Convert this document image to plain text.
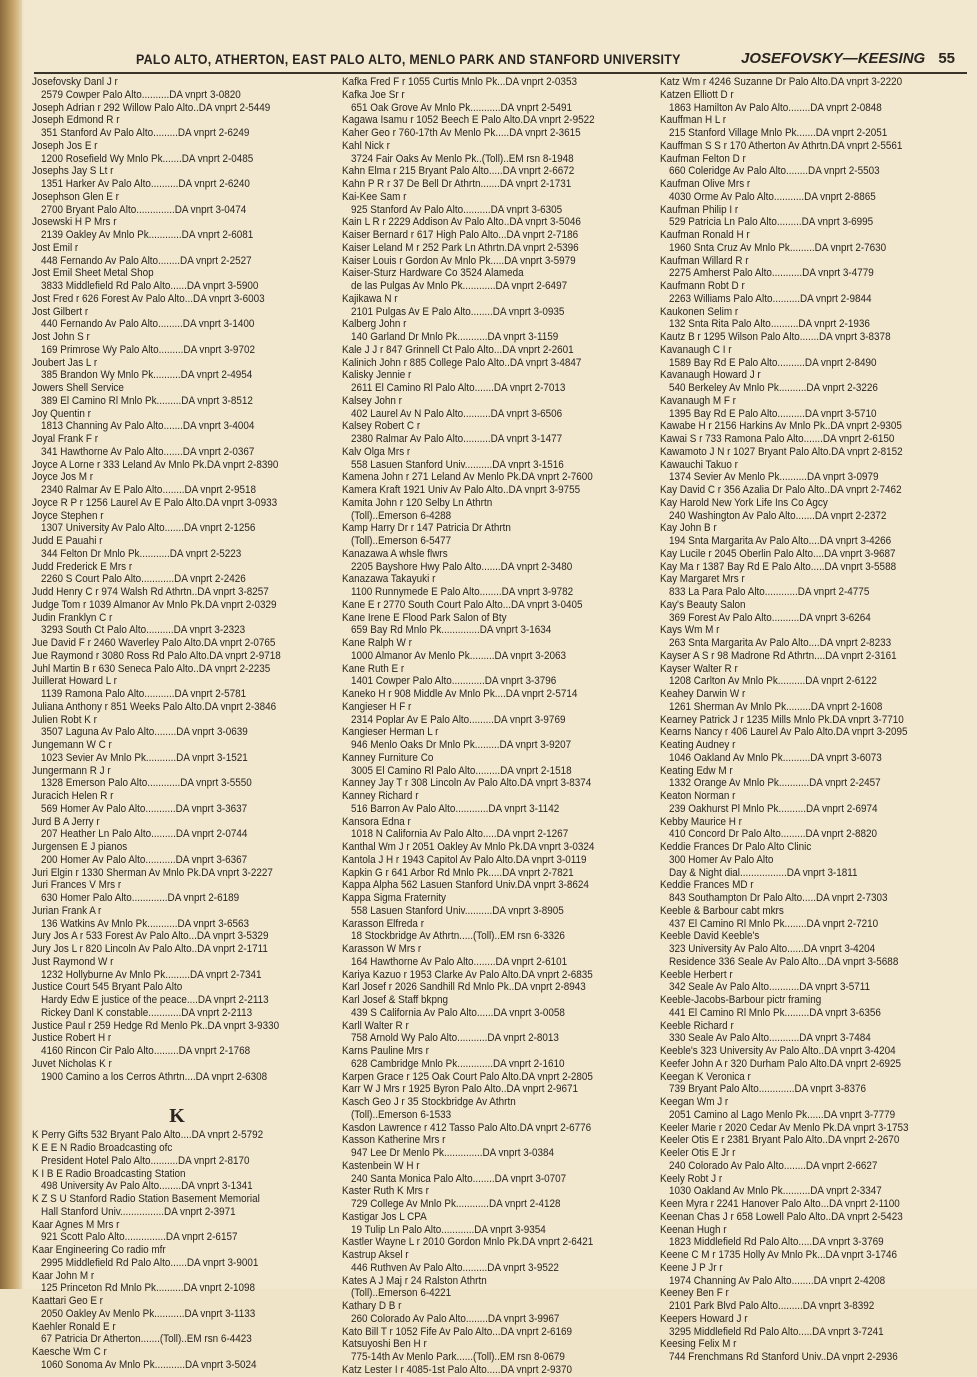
PALO ALTO, ATHERTON, EAST PALO ALTO, MENLO PARK AND STANFORD UNIVERSITY	JOSEFOVSKY—KEESING 55
Josefovsky Danl J r
2579 Cowper Palo Alto..........DA vnprt 3-0820
Joseph Adrian r 292 Willow Palo Alto..DA vnprt 2-5449
Joseph Edmond R r
351 Stanford Av Palo Alto.........DA vnprt 2-6249
Joseph Jos E r
1200 Rosefield Wy Mnlo Pk.......DA vnprt 2-0485
Josephs Jay S Lt r
1351 Harker Av Palo Alto..........DA vnprt 2-6240
Josephson Glen E r
2700 Bryant Palo Alto..............DA vnprt 3-0474
Josewski H P Mrs r
2139 Oakley Av Mnlo Pk............DA vnprt 2-6081
Jost Emil r
448 Fernando Av Palo Alto........DA vnprt 2-2527
Jost Emil Sheet Metal Shop
3833 Middlefield Rd Palo Alto......DA vnprt 3-5900
Jost Fred r 626 Forest Av Palo Alto...DA vnprt 3-6003
Jost Gilbert r
440 Fernando Av Palo Alto.........DA vnprt 3-1400
Jost John S r
169 Primrose Wy Palo Alto.........DA vnprt 3-9702
Joubert Jas L r
385 Brandon Wy Mnlo Pk..........DA vnprt 2-4954
Jowers Shell Service
389 El Camino Rl Mnlo Pk.........DA vnprt 3-8512
Joy Quentin r
1813 Channing Av Palo Alto.......DA vnprt 3-4004
Joyal Frank F r
341 Hawthorne Av Palo Alto.......DA vnprt 2-0367
Joyce A Lorne r 333 Leland Av Mnlo Pk.DA vnprt 2-8390
Joyce Jos M r
2340 Ralmar Av E Palo Alto........DA vnprt 2-9518
Joyce R P r 1256 Laurel Av E Palo Alto.DA vnprt 3-0933
Joyce Stephen r
1307 University Av Palo Alto.......DA vnprt 2-1256
Judd E Pauahi r
344 Felton Dr Mnlo Pk...........DA vnprt 2-5223
Judd Frederick E Mrs r
2260 S Court Palo Alto............DA vnprt 2-2426
Judd Henry C r 974 Walsh Rd Athrtn..DA vnprt 3-8257
Judge Tom r 1039 Almanor Av Mnlo Pk.DA vnprt 2-0329
Judin Franklyn C r
3293 South Ct Palo Alto..........DA vnprt 3-2323
Jue David F r 2460 Waverley Palo Alto.DA vnprt 2-0765
Jue Raymond r 3080 Ross Rd Palo Alto.DA vnprt 2-9718
Juhl Martin B r 630 Seneca Palo Alto..DA vnprt 2-2235
Juillerat Howard L r
1139 Ramona Palo Alto...........DA vnprt 2-5781
Juliana Anthony r 851 Weeks Palo Alto.DA vnprt 2-3846
Julien Robt K r
3507 Laguna Av Palo Alto........DA vnprt 3-0639
Jungemann W C r
1023 Sevier Av Mnlo Pk...........DA vnprt 3-1521
Jungermann R J r
1328 Emerson Palo Alto............DA vnprt 3-5550
Juracich Helen R r
569 Homer Av Palo Alto...........DA vnprt 3-3637
Jurd B A Jerry r
207 Heather Ln Palo Alto.........DA vnprt 2-0744
Jurgensen E J pianos
200 Homer Av Palo Alto...........DA vnprt 3-6367
Juri Elgin r 1330 Sherman Av Mnlo Pk.DA vnprt 3-2227
Juri Frances V Mrs r
630 Homer Palo Alto.............DA vnprt 2-6189
Jurian Frank A r
136 Watkins Av Mnlo Pk...........DA vnprt 3-6563
Jury Jos A r 533 Forest Av Palo Alto...DA vnprt 3-5329
Jury Jos L r 820 Lincoln Av Palo Alto..DA vnprt 2-1711
Just Raymond W r
1232 Hollyburne Av Mnlo Pk.........DA vnprt 2-7341
Justice Court 545 Bryant Palo Alto
Hardy Edw E justice of the peace....DA vnprt 2-2113
Rickey Danl K constable............DA vnprt 2-2113
Justice Paul r 259 Hedge Rd Menlo Pk..DA vnprt 3-9330
Justice Robert H r
4160 Rincon Cir Palo Alto.........DA vnprt 2-1768
Juvet Nicholas K r
1900 Camino a los Cerros Athrtn....DA vnprt 2-6308
K
K Perry Gifts 532 Bryant Palo Alto....DA vnprt 2-5792
K E E N Radio Broadcasting ofc
President Hotel Palo Alto..........DA vnprt 2-8170
K I B E Radio Broadcasting Station
498 University Av Palo Alto........DA vnprt 3-1341
K Z S U Stanford Radio Station Basement Memorial
Hall Stanford Univ................DA vnprt 2-3971
Kaar Agnes M Mrs r
921 Scott Palo Alto...............DA vnprt 2-6157
Kaar Engineering Co radio mfr
2995 Middlefield Rd Palo Alto......DA vnprt 3-9001
Kaar John M r
125 Princeton Rd Mnlo Pk..........DA vnprt 2-1098
Kaattari Geo E r
2050 Oakley Av Menlo Pk...........DA vnprt 3-1133
Kaehler Ronald E r
67 Patricia Dr Atherton.......(Toll)..EM rsn 6-4423
Kaesche Wm C r
1060 Sonoma Av Mnlo Pk...........DA vnprt 3-5024
Kafka Fred F r 1055 Curtis Mnlo Pk...DA vnprt 2-0353
Kafka Joe Sr r
651 Oak Grove Av Mnlo Pk...........DA vnprt 2-5491
Kagawa Isamu r 1052 Beech E Palo Alto.DA vnprt 2-9522
Kaher Geo r 760-17th Av Menlo Pk.....DA vnprt 2-3615
Kahl Nick r
3724 Fair Oaks Av Menlo Pk..(Toll)..EM rsn 8-1948
Kahn Elma r 215 Bryant Palo Alto.....DA vnprt 2-6672
Kahn P R r 37 De Bell Dr Athrtn.......DA vnprt 2-1731
Kai-Kee Sam r
925 Stanford Av Palo Alto..........DA vnprt 3-6305
Kain L R r 2229 Addison Av Palo Alto..DA vnprt 3-5046
Kaiser Bernard r 617 High Palo Alto...DA vnprt 2-7186
Kaiser Leland M r 252 Park Ln Athrtn.DA vnprt 2-5396
Kaiser Louis r Gordon Av Mnlo Pk.....DA vnprt 3-5979
Kaiser-Sturz Hardware Co 3524 Alameda
de las Pulgas Av Mnlo Pk............DA vnprt 2-6497
Kajikawa N r
2101 Pulgas Av E Palo Alto........DA vnprt 3-0935
Kalberg John r
140 Garland Dr Mnlo Pk...........DA vnprt 3-1159
Kale J J r 847 Grinnell Ct Palo Alto...DA vnprt 2-2601
Kalinich John r 885 College Palo Alto..DA vnprt 3-4847
Kalisky Jennie r
2611 El Camino Rl Palo Alto.......DA vnprt 2-7013
Kalsey John r
402 Laurel Av N Palo Alto..........DA vnprt 3-6506
Kalsey Robert C r
2380 Ralmar Av Palo Alto..........DA vnprt 3-1477
Kalv Olga Mrs r
558 Lasuen Stanford Univ..........DA vnprt 3-1516
Kamena John r 271 Leland Av Menlo Pk.DA vnprt 2-7600
Kamera Kraft 1921 Univ Av Palo Alto..DA vnprt 3-9755
Kamita John r 120 Selby Ln Athrtn
(Toll)..Emerson 6-4288
Kamp Harry Dr r 147 Patricia Dr Athrtn
(Toll)..Emerson 6-5477
Kanazawa A whsle flwrs
2205 Bayshore Hwy Palo Alto.......DA vnprt 2-3480
Kanazawa Takayuki r
1100 Runnymede E Palo Alto........DA vnprt 3-9782
Kane E r 2770 South Court Palo Alto...DA vnprt 3-0405
Kane Irene E Flood Park Salon of Bty
659 Bay Rd Mnlo Pk..............DA vnprt 3-1634
Kane Ralph W r
1000 Almanor Av Menlo Pk.........DA vnprt 3-2063
Kane Ruth E r
1401 Cowper Palo Alto............DA vnprt 3-3796
Kaneko H r 908 Middle Av Mnlo Pk....DA vnprt 2-5714
Kangieser H F r
2314 Poplar Av E Palo Alto.........DA vnprt 3-9769
Kangieser Herman L r
946 Menlo Oaks Dr Mnlo Pk.........DA vnprt 3-9207
Kanney Furniture Co
3005 El Camino Rl Palo Alto.........DA vnprt 2-1518
Kanney Jay T r 308 Lincoln Av Palo Alto.DA vnprt 3-8374
Kanney Richard r
516 Barron Av Palo Alto............DA vnprt 3-1142
Kansora Edna r
1018 N California Av Palo Alto.....DA vnprt 2-1267
Kanthal Wm J r 2051 Oakley Av Mnlo Pk.DA vnprt 3-0324
Kantola J H r 1943 Capitol Av Palo Alto.DA vnprt 3-0119
Kapkin G r 641 Arbor Rd Mnlo Pk.....DA vnprt 2-7821
Kappa Alpha 562 Lasuen Stanford Univ.DA vnprt 3-8624
Kappa Sigma Fraternity
558 Lasuen Stanford Univ..........DA vnprt 3-8905
Karasson Elfreda r
18 Stockbridge Av Athrtn.....(Toll)..EM rsn 6-3326
Karasson W Mrs r
164 Hawthorne Av Palo Alto........DA vnprt 2-6101
Kariya Kazuo r 1953 Clarke Av Palo Alto.DA vnprt 2-6835
Karl Josef r 2026 Sandhill Rd Mnlo Pk..DA vnprt 2-8943
Karl Josef & Staff bkpng
439 S California Av Palo Alto......DA vnprt 3-0058
Karll Walter R r
758 Arnold Wy Palo Alto...........DA vnprt 2-8013
Karns Pauline Mrs r
628 Cambridge Mnlo Pk.............DA vnprt 2-1610
Karpen Grace r 125 Oak Court Palo Alto.DA vnprt 2-2805
Karr W J Mrs r 1925 Byron Palo Alto..DA vnprt 2-9671
Kasch Geo J r 35 Stockbridge Av Athrtn
(Toll)..Emerson 6-1533
Kasdon Lawrence r 412 Tasso Palo Alto.DA vnprt 2-6776
Kasson Katherine Mrs r
947 Lee Dr Menlo Pk..............DA vnprt 3-0384
Kastenbein W H r
240 Santa Monica Palo Alto........DA vnprt 3-0707
Kaster Ruth K Mrs r
729 College Av Mnlo Pk............DA vnprt 2-4128
Kastigar Jos L CPA
19 Tulip Ln Palo Alto............DA vnprt 3-9354
Kastler Wayne L r 2010 Gordon Mnlo Pk.DA vnprt 2-6421
Kastrup Aksel r
446 Ruthven Av Palo Alto.........DA vnprt 3-9522
Kates A J Maj r 24 Ralston Athrtn
(Toll)..Emerson 6-4221
Kathary D B r
260 Colorado Av Palo Alto........DA vnprt 3-9967
Kato Bill T r 1052 Fife Av Palo Alto...DA vnprt 2-6169
Katsuyoshi Ben H r
775-14th Av Menlo Park......(Toll)..EM rsn 8-0679
Katz Lester I r 4085-1st Palo Alto.....DA vnprt 2-9370
Katz Wm r 4246 Suzanne Dr Palo Alto.DA vnprt 3-2220
Katzen Elliott D r
1863 Hamilton Av Palo Alto........DA vnprt 2-0848
Kauffman H L r
215 Stanford Village Mnlo Pk.......DA vnprt 2-2051
Kauffman S S r 170 Atherton Av Athrtn.DA vnprt 2-5561
Kaufman Felton D r
660 Coleridge Av Palo Alto........DA vnprt 2-5503
Kaufman Olive Mrs r
4030 Orme Av Palo Alto...........DA vnprt 2-8865
Kaufman Philip I r
529 Patricia Ln Palo Alto.........DA vnprt 3-6995
Kaufman Ronald H r
1960 Snta Cruz Av Mnlo Pk.........DA vnprt 2-7630
Kaufman Willard R r
2275 Amherst Palo Alto...........DA vnprt 3-4779
Kaufmann Robt D r
2263 Williams Palo Alto..........DA vnprt 2-9844
Kaukonen Selim r
132 Snta Rita Palo Alto..........DA vnprt 2-1936
Kautz B r 1295 Wilson Palo Alto.......DA vnprt 3-8378
Kavanaugh C I r
1589 Bay Rd E Palo Alto..........DA vnprt 2-8490
Kavanaugh Howard J r
540 Berkeley Av Mnlo Pk..........DA vnprt 2-3226
Kavanaugh M F r
1395 Bay Rd E Palo Alto..........DA vnprt 3-5710
Kawabe H r 2156 Harkins Av Mnlo Pk..DA vnprt 2-9305
Kawai S r 733 Ramona Palo Alto.......DA vnprt 2-6150
Kawamoto J N r 1027 Bryant Palo Alto.DA vnprt 2-8152
Kawauchi Takuo r
1374 Sevier Av Menlo Pk..........DA vnprt 3-0979
Kay David C r 356 Azalia Dr Palo Alto..DA vnprt 2-7462
Kay Harold New York Life Ins Co Agcy
240 Washington Av Palo Alto.......DA vnprt 2-2372
Kay John B r
194 Snta Margarita Av Palo Alto....DA vnprt 3-4266
Kay Lucile r 2045 Oberlin Palo Alto....DA vnprt 3-9687
Kay Ma r 1387 Bay Rd E Palo Alto.....DA vnprt 3-5588
Kay Margaret Mrs r
833 La Para Palo Alto............DA vnprt 2-4775
Kay's Beauty Salon
369 Forest Av Palo Alto..........DA vnprt 3-6264
Kays Wm M r
263 Snta Margarita Av Palo Alto....DA vnprt 2-8233
Kayser A S r 98 Madrone Rd Athrtn....DA vnprt 2-3161
Kayser Walter R r
1208 Carlton Av Mnlo Pk..........DA vnprt 2-6122
Keahey Darwin W r
1261 Sherman Av Mnlo Pk.........DA vnprt 2-1608
Kearney Patrick J r 1235 Mills Mnlo Pk.DA vnprt 3-7710
Kearns Nancy r 406 Laurel Av Palo Alto.DA vnprt 3-2095
Keating Audney r
1046 Oakland Av Mnlo Pk..........DA vnprt 3-6073
Keating Edw M r
1332 Orange Av Mnlo Pk...........DA vnprt 2-2457
Keaton Norman r
239 Oakhurst Pl Mnlo Pk..........DA vnprt 2-6974
Kebby Maurice H r
410 Concord Dr Palo Alto.........DA vnprt 2-8820
Keddie Frances Dr Palo Alto Clinic
300 Homer Av Palo Alto
Day & Night dial.................DA vnprt 3-1811
Keddie Frances MD r
843 Southampton Dr Palo Alto.....DA vnprt 2-7303
Keeble & Barbour cabt mkrs
437 El Camino Rl Mnlo Pk........DA vnprt 2-7210
Keeble David Keeble's
323 University Av Palo Alto......DA vnprt 3-4204
Residence 336 Seale Av Palo Alto...DA vnprt 3-5688
Keeble Herbert r
342 Seale Av Palo Alto...........DA vnprt 3-5711
Keeble-Jacobs-Barbour pictr framing
441 El Camino Rl Mnlo Pk.........DA vnprt 3-6356
Keeble Richard r
330 Seale Av Palo Alto...........DA vnprt 3-7484
Keeble's 323 University Av Palo Alto..DA vnprt 3-4204
Keefer John A r 320 Durham Palo Alto.DA vnprt 2-6925
Keegan K Veronica r
739 Bryant Palo Alto.............DA vnprt 3-8376
Keegan Wm J r
2051 Camino al Lago Menlo Pk......DA vnprt 3-7779
Keeler Marie r 2020 Cedar Av Menlo Pk.DA vnprt 3-1753
Keeler Otis E r 2381 Bryant Palo Alto..DA vnprt 2-2670
Keeler Otis E Jr r
240 Colorado Av Palo Alto........DA vnprt 2-6627
Keely Robt J r
1030 Oakland Av Mnlo Pk..........DA vnprt 2-3347
Keen Myra r 2241 Hanover Palo Alto...DA vnprt 2-1100
Keenan Chas J r 658 Lowell Palo Alto..DA vnprt 2-5423
Keenan Hugh r
1823 Middlefield Rd Palo Alto.....DA vnprt 3-3769
Keene C M r 1735 Holly Av Mnlo Pk...DA vnprt 3-1746
Keene J P Jr r
1974 Channing Av Palo Alto........DA vnprt 2-4208
Keeney Ben F r
2101 Park Blvd Palo Alto.........DA vnprt 3-8392
Keepers Howard J r
3295 Middlefield Rd Palo Alto.....DA vnprt 3-7241
Keesing Felix M r
744 Frenchmans Rd Stanford Univ..DA vnprt 2-2936
